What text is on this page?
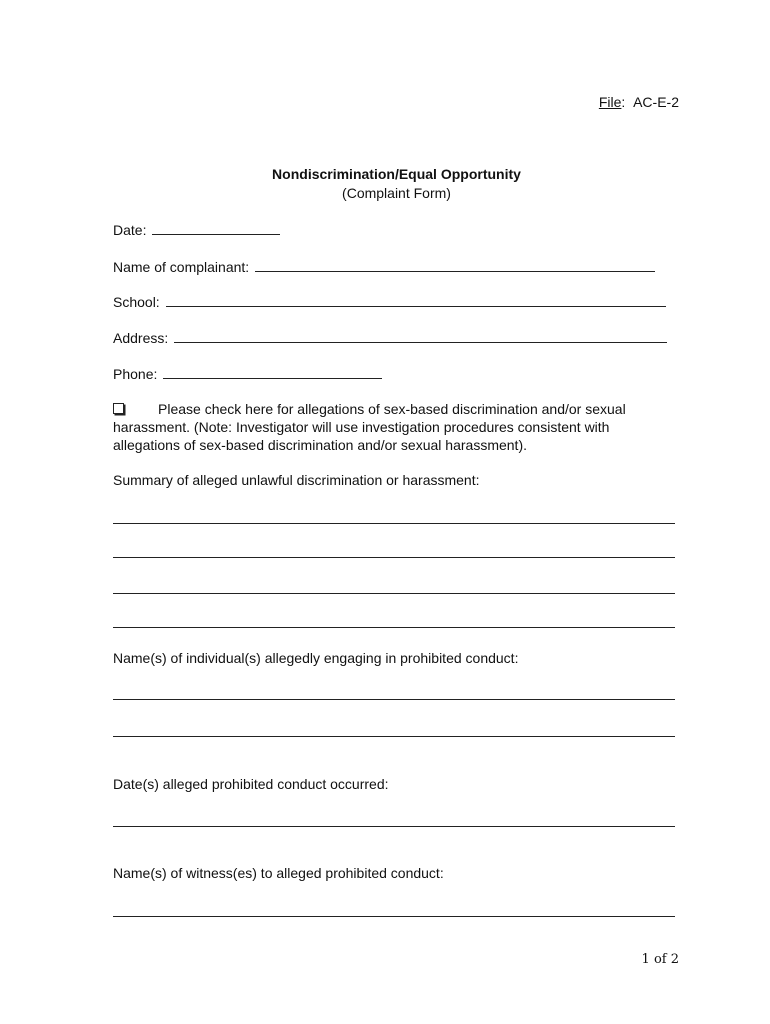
File: AC-E-2
Nondiscrimination/Equal Opportunity
(Complaint Form)
Date:
Name of complainant:
School:
Address:
Phone:
Please check here for allegations of sex-based discrimination and/or sexual harassment. (Note: Investigator will use investigation procedures consistent with allegations of sex-based discrimination and/or sexual harassment).
Summary of alleged unlawful discrimination or harassment:
Name(s) of individual(s) allegedly engaging in prohibited conduct:
Date(s) alleged prohibited conduct occurred:
Name(s) of witness(es) to alleged prohibited conduct:
1 of 2
